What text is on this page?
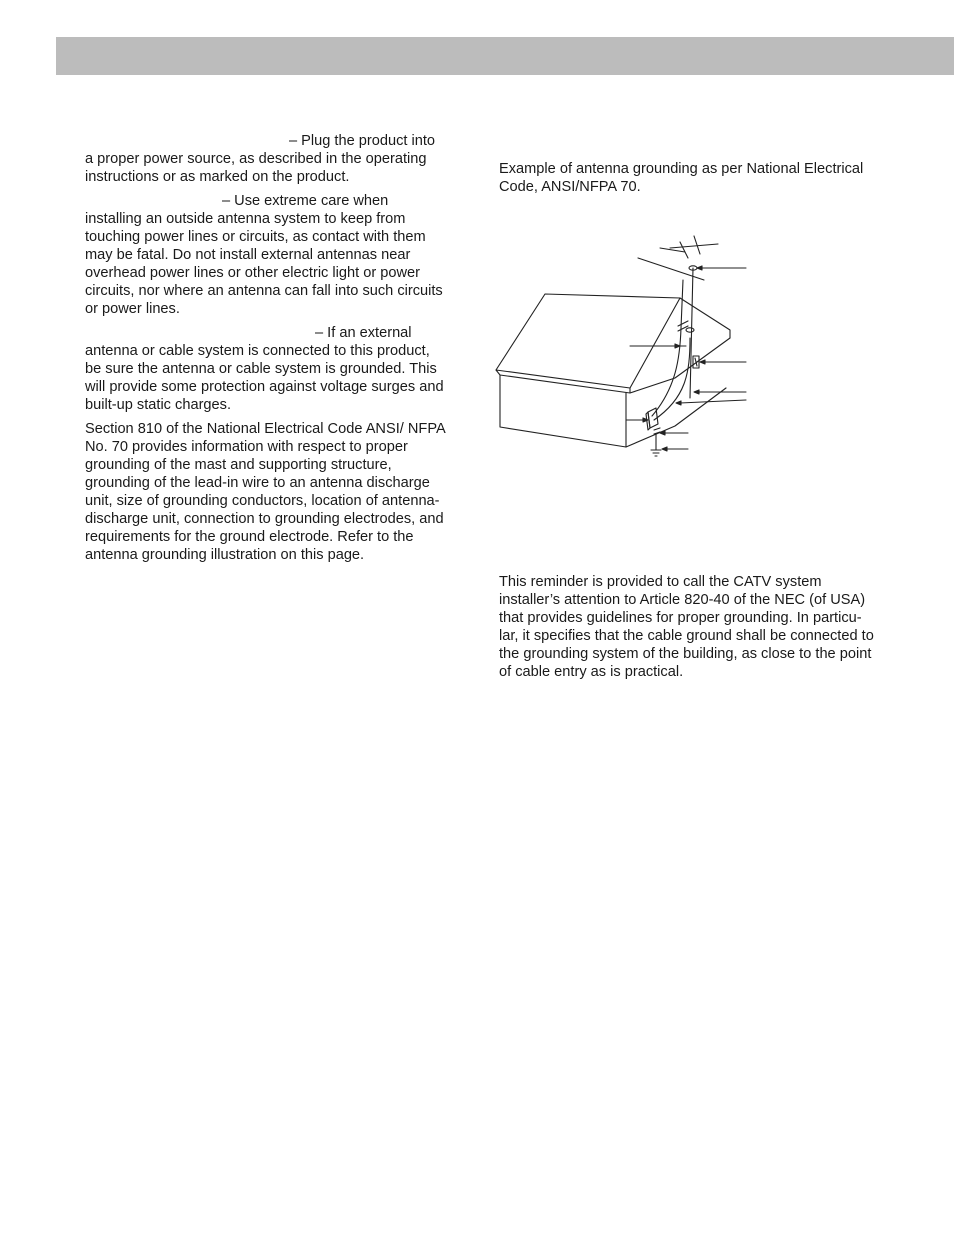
– Plug the product into a proper power source, as described in the operating instructions or as marked on the product.

– Use extreme care when installing an outside antenna system to keep from touching power lines or circuits, as contact with them may be fatal. Do not install external antennas near overhead power lines or other electric light or power circuits, nor where an antenna can fall into such circuits or power lines.

– If an external antenna or cable system is connected to this product, be sure the antenna or cable system is grounded. This will provide some protection against voltage surges and built-up static charges.

Section 810 of the National Electrical Code ANSI/ NFPA No. 70 provides information with respect to proper grounding of the mast and supporting structure, grounding of the lead-in wire to an antenna discharge unit, size of grounding conductors, location of antenna-discharge unit, connection to grounding electrodes, and requirements for the ground electrode. Refer to the antenna grounding illustration on this page.

Example of antenna grounding as per National Electrical Code, ANSI/NFPA 70.
This reminder is provided to call the CATV system installer’s attention to Article 820-40 of the NEC (of USA) that provides guidelines for proper grounding. In particu-lar, it specifies that the cable ground shall be connected to the grounding system of the building, as close to the point of cable entry as is practical.
